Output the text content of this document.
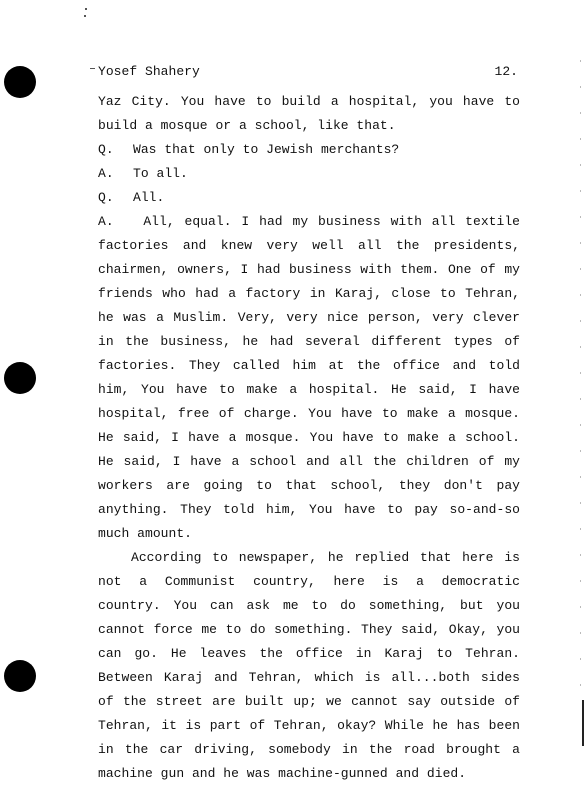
Yosef Shahery	12.

Yaz City. You have to build a hospital, you have to build a mosque or a school, like that.

Q.	Was that only to Jewish merchants?
A.	To all.
Q.	All.

A. All, equal. I had my business with all textile factories and knew very well all the presidents, chairmen, owners, I had business with them. One of my friends who had a factory in Karaj, close to Tehran, he was a Muslim. Very, very nice person, very clever in the business, he had several different types of factories. They called him at the office and told him, You have to make a hospital. He said, I have hospital, free of charge. You have to make a mosque. He said, I have a mosque. You have to make a school. He said, I have a school and all the children of my workers are going to that school, they don't pay anything. They told him, You have to pay so-and-so much amount.

According to newspaper, he replied that here is not a Communist country, here is a democratic country. You can ask me to do something, but you cannot force me to do something. They said, Okay, you can go. He leaves the office in Karaj to Tehran. Between Karaj and Tehran, which is all...both sides of the street are built up; we cannot say outside of Tehran, it is part of Tehran, okay? While he has been in the car driving, somebody in the road brought a machine gun and he was machine-gunned and died.
